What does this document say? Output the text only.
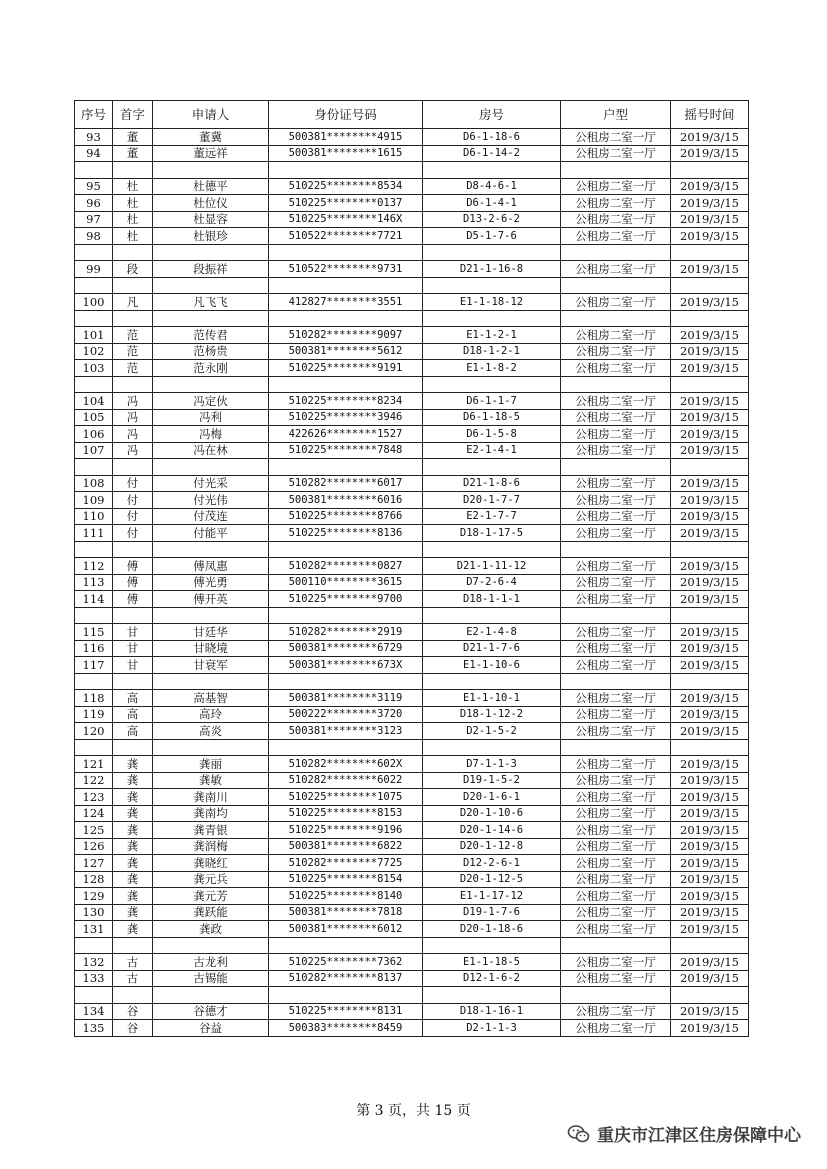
序号	首字	申请人	身份证号码	房号	户型	摇号时间
93	董	董冀	500381********4915	D6-1-18-6	公租房二室一厅	2019/3/15
94	董	董远祥	500381********1615	D6-1-14-2	公租房二室一厅	2019/3/15

95	杜	杜德平	510225********8534	D8-4-6-1	公租房二室一厅	2019/3/15
96	杜	杜位仪	510225********0137	D6-1-4-1	公租房二室一厅	2019/3/15
97	杜	杜显容	510225********146X	D13-2-6-2	公租房二室一厅	2019/3/15
98	杜	杜银珍	510522********7721	D5-1-7-6	公租房二室一厅	2019/3/15

99	段	段振祥	510522********9731	D21-1-16-8	公租房二室一厅	2019/3/15

100	凡	凡飞飞	412827********3551	E1-1-18-12	公租房二室一厅	2019/3/15

101	范	范传君	510282********9097	E1-1-2-1	公租房二室一厅	2019/3/15
102	范	范杨贵	500381********5612	D18-1-2-1	公租房二室一厅	2019/3/15
103	范	范永刚	510225********9191	E1-1-8-2	公租房二室一厅	2019/3/15

104	冯	冯定伙	510225********8234	D6-1-1-7	公租房二室一厅	2019/3/15
105	冯	冯利	510225********3946	D6-1-18-5	公租房二室一厅	2019/3/15
106	冯	冯梅	422626********1527	D6-1-5-8	公租房二室一厅	2019/3/15
107	冯	冯在林	510225********7848	E2-1-4-1	公租房二室一厅	2019/3/15

108	付	付光采	510282********6017	D21-1-8-6	公租房二室一厅	2019/3/15
109	付	付光伟	500381********6016	D20-1-7-7	公租房二室一厅	2019/3/15
110	付	付茂连	510225********8766	E2-1-7-7	公租房二室一厅	2019/3/15
111	付	付能平	510225********8136	D18-1-17-5	公租房二室一厅	2019/3/15

112	傅	傅凤惠	510282********0827	D21-1-11-12	公租房二室一厅	2019/3/15
113	傅	傅光勇	500110********3615	D7-2-6-4	公租房二室一厅	2019/3/15
114	傅	傅开英	510225********9700	D18-1-1-1	公租房二室一厅	2019/3/15

115	甘	甘廷华	510282********2919	E2-1-4-8	公租房二室一厅	2019/3/15
116	甘	甘晓境	500381********6729	D21-1-7-6	公租房二室一厅	2019/3/15
117	甘	甘衰军	500381********673X	E1-1-10-6	公租房二室一厅	2019/3/15

118	高	高基智	500381********3119	E1-1-10-1	公租房二室一厅	2019/3/15
119	高	高玲	500222********3720	D18-1-12-2	公租房二室一厅	2019/3/15
120	高	高炎	500381********3123	D2-1-5-2	公租房二室一厅	2019/3/15

121	龚	龚丽	510282********602X	D7-1-1-3	公租房二室一厅	2019/3/15
122	龚	龚敏	510282********6022	D19-1-5-2	公租房二室一厅	2019/3/15
123	龚	龚南川	510225********1075	D20-1-6-1	公租房二室一厅	2019/3/15
124	龚	龚南均	510225********8153	D20-1-10-6	公租房二室一厅	2019/3/15
125	龚	龚青银	510225********9196	D20-1-14-6	公租房二室一厅	2019/3/15
126	龚	龚润梅	500381********6822	D20-1-12-8	公租房二室一厅	2019/3/15
127	龚	龚晓红	510282********7725	D12-2-6-1	公租房二室一厅	2019/3/15
128	龚	龚元兵	510225********8154	D20-1-12-5	公租房二室一厅	2019/3/15
129	龚	龚元芳	510225********8140	E1-1-17-12	公租房二室一厅	2019/3/15
130	龚	龚跃能	500381********7818	D19-1-7-6	公租房二室一厅	2019/3/15
131	龚	龚政	500381********6012	D20-1-18-6	公租房二室一厅	2019/3/15

132	古	古龙利	510225********7362	E1-1-18-5	公租房二室一厅	2019/3/15
133	古	古锡能	510282********8137	D12-1-6-2	公租房二室一厅	2019/3/15

134	谷	谷德才	510225********8131	D18-1-16-1	公租房二室一厅	2019/3/15
135	谷	谷益	500383********8459	D2-1-1-3	公租房二室一厅	2019/3/15
第 3 页，共 15 页
重庆市江津区住房保障中心
